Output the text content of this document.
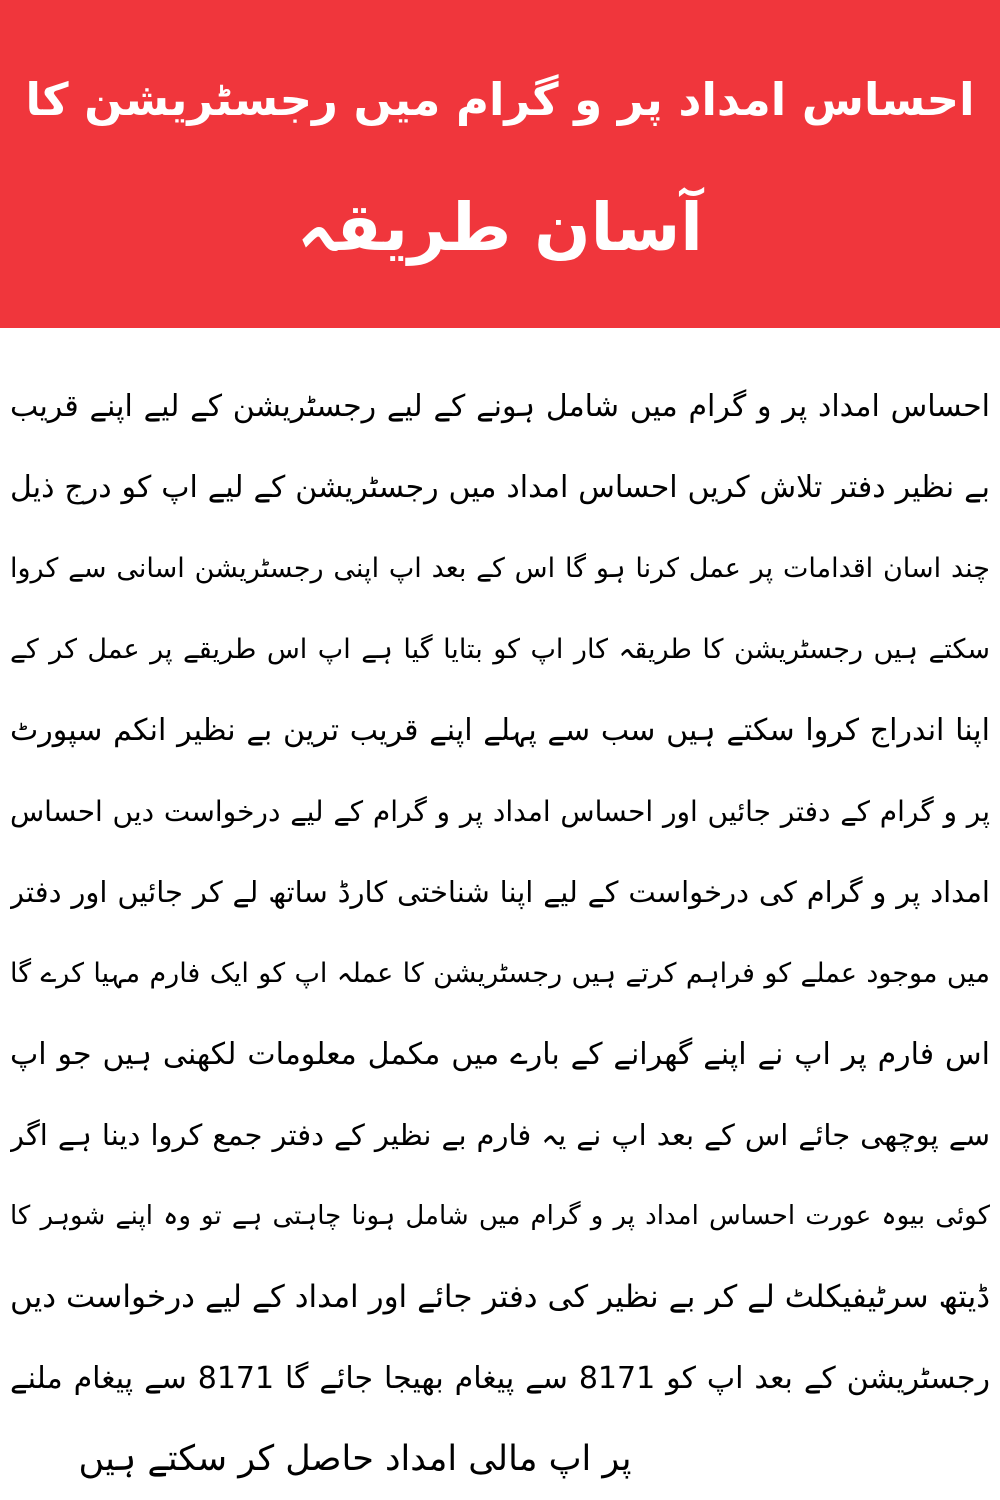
احساس امداد پر و گرام میں رجسٹریشن کا
آسان طریقہ
احساس امداد پر و گرام میں شامل ہونے کے لیے رجسٹریشن کے لیے اپنے قریب
بے نظیر دفتر تلاش کریں احساس امداد میں رجسٹریشن کے لیے اپ کو درج ذیل
چند اسان اقدامات پر عمل کرنا ہو گا اس کے بعد اپ اپنی رجسٹریشن اسانی سے کروا
سکتے ہیں رجسٹریشن کا طریقہ کار اپ کو بتایا گیا ہے اپ اس طریقے پر عمل کر کے
اپنا اندراج کروا سکتے ہیں سب سے پہلے اپنے قریب ترین بے نظیر انکم سپورٹ
پر و گرام کے دفتر جائیں اور احساس امداد پر و گرام کے لیے درخواست دیں احساس
امداد پر و گرام کی درخواست کے لیے اپنا شناختی کارڈ ساتھ لے کر جائیں اور دفتر
میں موجود عملے کو فراہم کرتے ہیں رجسٹریشن کا عملہ اپ کو ایک فارم مہیا کرے گا
اس فارم پر اپ نے اپنے گھرانے کے بارے میں مکمل معلومات لکھنی ہیں جو اپ
سے پوچھی جائے اس کے بعد اپ نے یہ فارم بے نظیر کے دفتر جمع کروا دینا ہے اگر
کوئی بیوہ عورت احساس امداد پر و گرام میں شامل ہونا چاہتی ہے تو وہ اپنے شوہر کا
ڈیتھ سرٹیفیکلٹ لے کر بے نظیر کی دفتر جائے اور امداد کے لیے درخواست دیں
رجسٹریشن کے بعد اپ کو 8171 سے پیغام بھیجا جائے گا 8171 سے پیغام ملنے
پر اپ مالی امداد حاصل کر سکتے ہیں
